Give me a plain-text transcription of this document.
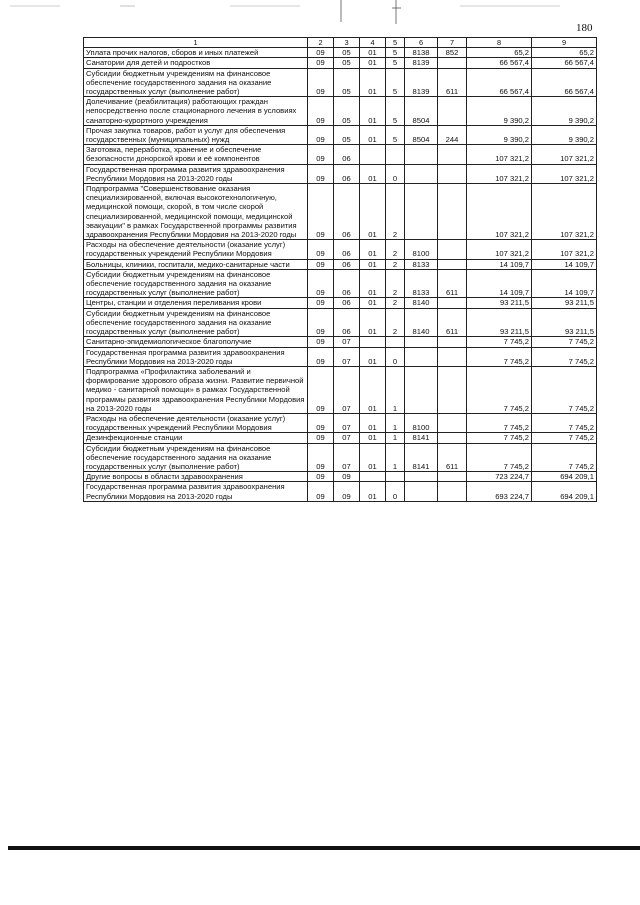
180
1	2	3	4	5	6	7	8	9
Уплата прочих налогов, сборов и иных платежей	09	05	01	5	8138	852	65,2	65,2
Санатории для детей и подростков	09	05	01	5	8139		66 567,4	66 567,4
Субсидии бюджетным учреждениям на финансовое обеспечение государственного задания на оказание государственных услуг (выполнение работ)	09	05	01	5	8139	611	66 567,4	66 567,4
Долечивание (реабилитация) работающих граждан непосредственно после стационарного лечения в условиях санаторно-курортного учреждения	09	05	01	5	8504		9 390,2	9 390,2
Прочая закупка товаров, работ и услуг для обеспечения государственных (муниципальных) нужд	09	05	01	5	8504	244	9 390,2	9 390,2
Заготовка, переработка, хранение и обеспечение безопасности донорской крови и её компонентов	09	06					107 321,2	107 321,2
Государственная программа развития здравоохранения Республики Мордовия на 2013-2020 годы	09	06	01	0			107 321,2	107 321,2
Подпрограмма "Совершенствование оказания специализированной, включая высокотехнологичную, медицинской помощи, скорой, в том числе скорой специализированной, медицинской помощи, медицинской эвакуации" в рамках Государственной программы развития здравоохранения Республики Мордовия на 2013-2020 годы	09	06	01	2			107 321,2	107 321,2
Расходы на обеспечение деятельности (оказание услуг) государственных учреждений Республики Мордовия	09	06	01	2	8100		107 321,2	107 321,2
Больницы, клиники, госпитали, медико-санитарные части	09	06	01	2	8133		14 109,7	14 109,7
Субсидии бюджетным учреждениям на финансовое обеспечение государственного задания на оказание государственных услуг (выполнение работ)	09	06	01	2	8133	611	14 109,7	14 109,7
Центры, станции и отделения переливания крови	09	06	01	2	8140		93 211,5	93 211,5
Субсидии бюджетным учреждениям на финансовое обеспечение государственного задания на оказание государственных услуг (выполнение работ)	09	06	01	2	8140	611	93 211,5	93 211,5
Санитарно-эпидемиологическое благополучие	09	07					7 745,2	7 745,2
Государственная программа развития здравоохранения Республики Мордовия на 2013-2020 годы	09	07	01	0			7 745,2	7 745,2
Подпрограмма «Профилактика заболеваний и формирование здорового образа жизни. Развитие первичной медико - санитарной помощи» в рамках Государственной программы развития здравоохранения Республики Мордовия на 2013-2020 годы	09	07	01	1			7 745,2	7 745,2
Расходы на обеспечение деятельности (оказание услуг) государственных учреждений Республики Мордовия	09	07	01	1	8100		7 745,2	7 745,2
Дезинфекционные станции	09	07	01	1	8141		7 745,2	7 745,2
Субсидии бюджетным учреждениям на финансовое обеспечение государственного задания на оказание государственных услуг (выполнение работ)	09	07	01	1	8141	611	7 745,2	7 745,2
Другие вопросы в области здравоохранения	09	09					723 224,7	694 209,1
Государственная программа развития здравоохранения Республики Мордовия на 2013-2020 годы	09	09	01	0			693 224,7	694 209,1
